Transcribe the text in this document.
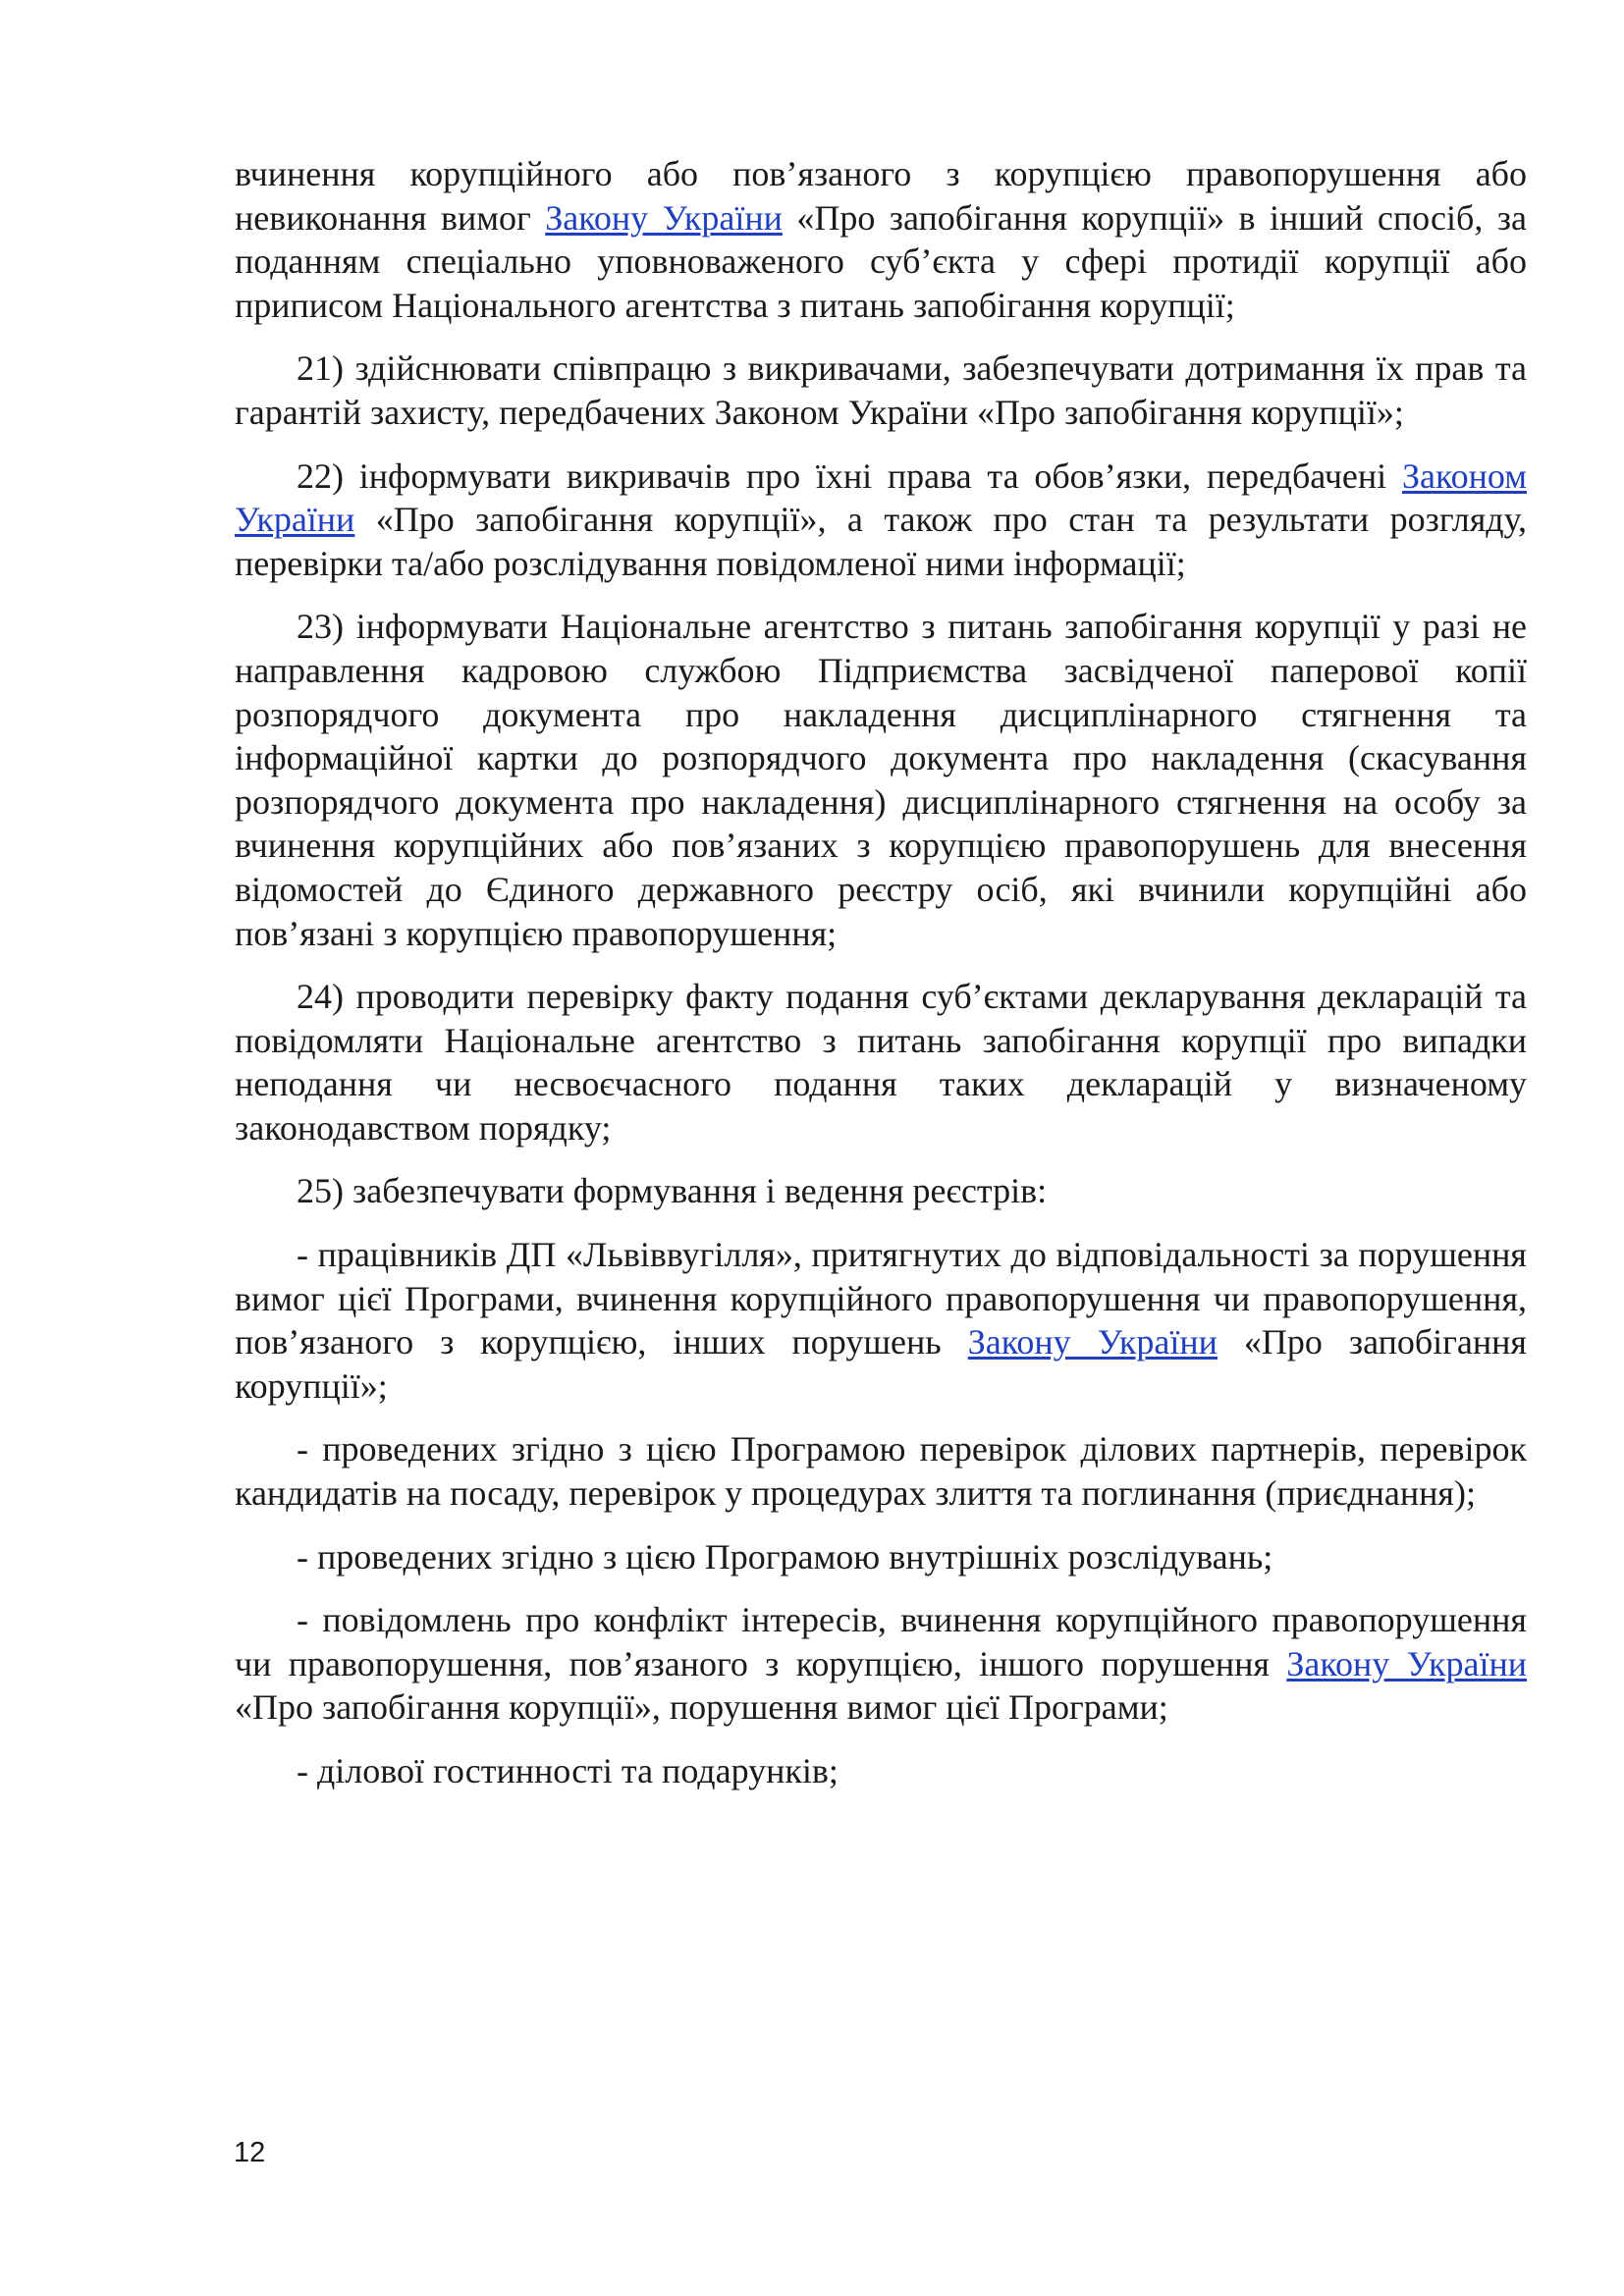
вчинення корупційного або пов’язаного з корупцією правопорушення або невиконання вимог Закону України «Про запобігання корупції» в інший спосіб, за поданням спеціально уповноваженого суб’єкта у сфері протидії корупції або приписом Національного агентства з питань запобігання корупції;

21) здійснювати співпрацю з викривачами, забезпечувати дотримання їх прав та гарантій захисту, передбачених Законом України «Про запобігання корупції»;

22) інформувати викривачів про їхні права та обов’язки, передбачені Законом України «Про запобігання корупції», а також про стан та результати розгляду, перевірки та/або розслідування повідомленої ними інформації;

23) інформувати Національне агентство з питань запобігання корупції у разі не направлення кадровою службою Підприємства засвідченої паперової копії розпорядчого документа про накладення дисциплінарного стягнення та інформаційної картки до розпорядчого документа про накладення (скасування розпорядчого документа про накладення) дисциплінарного стягнення на особу за вчинення корупційних або пов’язаних з корупцією правопорушень для внесення відомостей до Єдиного державного реєстру осіб, які вчинили корупційні або пов’язані з корупцією правопорушення;

24) проводити перевірку факту подання суб’єктами декларування декларацій та повідомляти Національне агентство з питань запобігання корупції про випадки неподання чи несвоєчасного подання таких декларацій у визначеному законодавством порядку;

25) забезпечувати формування і ведення реєстрів:

- працівників ДП «Львіввугілля», притягнутих до відповідальності за порушення вимог цієї Програми, вчинення корупційного правопорушення чи правопорушення, пов’язаного з корупцією, інших порушень Закону України «Про запобігання корупції»;

- проведених згідно з цією Програмою перевірок ділових партнерів, перевірок кандидатів на посаду, перевірок у процедурах злиття та поглинання (приєднання);

- проведених згідно з цією Програмою внутрішніх розслідувань;

- повідомлень про конфлікт інтересів, вчинення корупційного правопорушення чи правопорушення, пов’язаного з корупцією, іншого порушення Закону України «Про запобігання корупції», порушення вимог цієї Програми;

- ділової гостинності та подарунків;

12
